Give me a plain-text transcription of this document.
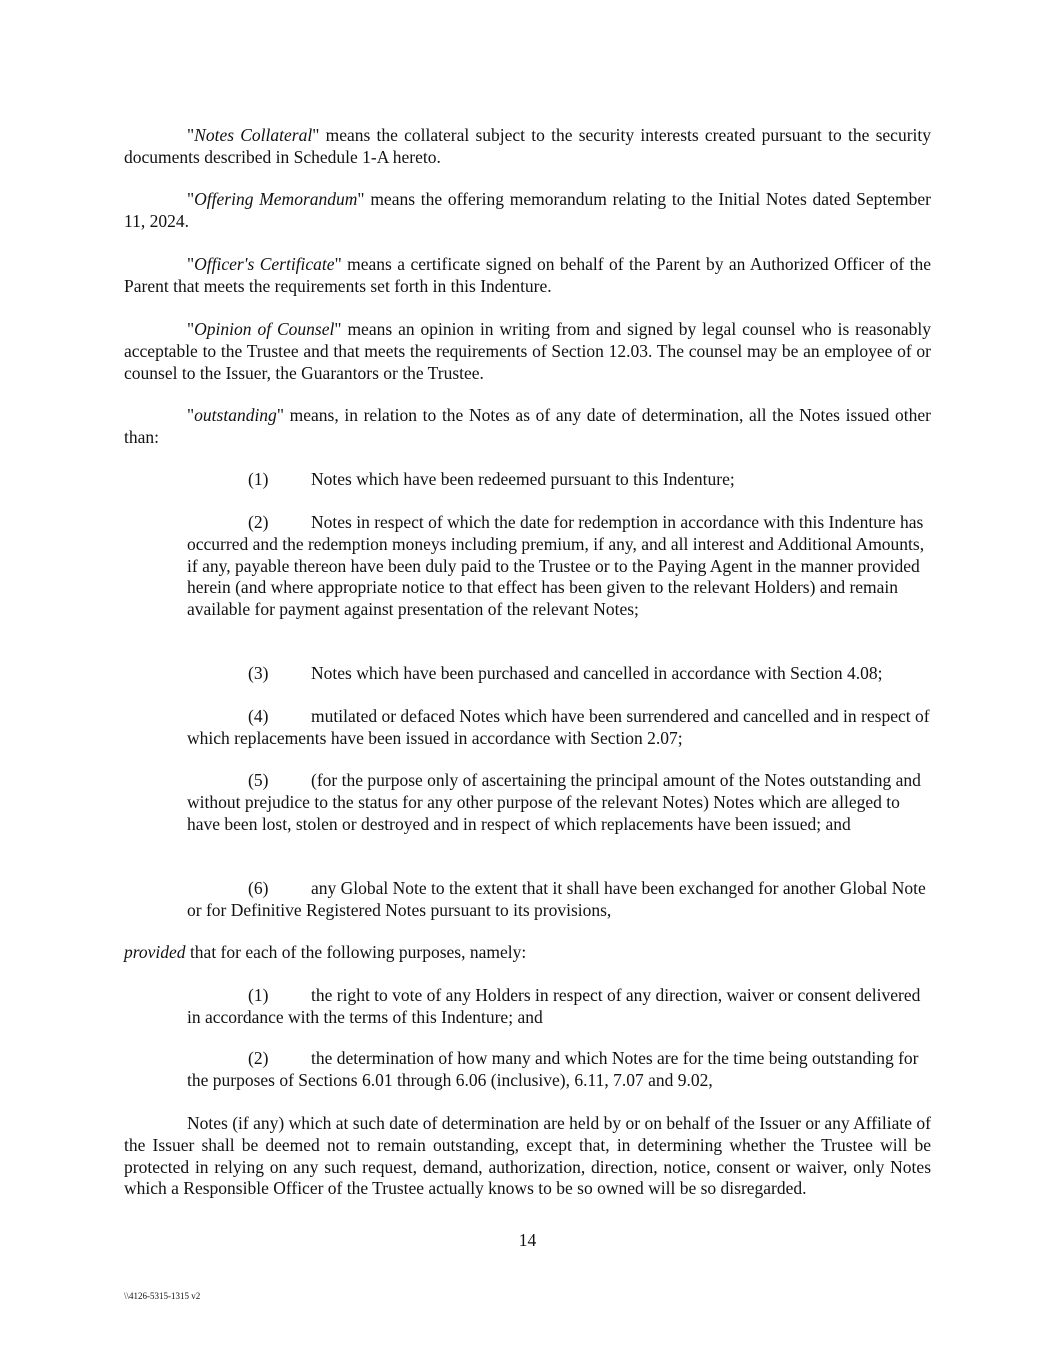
"Notes Collateral" means the collateral subject to the security interests created pursuant to the security documents described in Schedule 1-A hereto.

"Offering Memorandum" means the offering memorandum relating to the Initial Notes dated September 11, 2024.

"Officer's Certificate" means a certificate signed on behalf of the Parent by an Authorized Officer of the Parent that meets the requirements set forth in this Indenture.

"Opinion of Counsel" means an opinion in writing from and signed by legal counsel who is reasonably acceptable to the Trustee and that meets the requirements of Section 12.03. The counsel may be an employee of or counsel to the Issuer, the Guarantors or the Trustee.

"outstanding" means, in relation to the Notes as of any date of determination, all the Notes issued other than:

(1) Notes which have been redeemed pursuant to this Indenture;

(2) Notes in respect of which the date for redemption in accordance with this Indenture has occurred and the redemption moneys including premium, if any, and all interest and Additional Amounts, if any, payable thereon have been duly paid to the Trustee or to the Paying Agent in the manner provided herein (and where appropriate notice to that effect has been given to the relevant Holders) and remain available for payment against presentation of the relevant Notes;

(3) Notes which have been purchased and cancelled in accordance with Section 4.08;

(4) mutilated or defaced Notes which have been surrendered and cancelled and in respect of which replacements have been issued in accordance with Section 2.07;

(5) (for the purpose only of ascertaining the principal amount of the Notes outstanding and without prejudice to the status for any other purpose of the relevant Notes) Notes which are alleged to have been lost, stolen or destroyed and in respect of which replacements have been issued; and

(6) any Global Note to the extent that it shall have been exchanged for another Global Note or for Definitive Registered Notes pursuant to its provisions,

provided that for each of the following purposes, namely:

(1) the right to vote of any Holders in respect of any direction, waiver or consent delivered in accordance with the terms of this Indenture; and

(2) the determination of how many and which Notes are for the time being outstanding for the purposes of Sections 6.01 through 6.06 (inclusive), 6.11, 7.07 and 9.02,

Notes (if any) which at such date of determination are held by or on behalf of the Issuer or any Affiliate of the Issuer shall be deemed not to remain outstanding, except that, in determining whether the Trustee will be protected in relying on any such request, demand, authorization, direction, notice, consent or waiver, only Notes which a Responsible Officer of the Trustee actually knows to be so owned will be so disregarded.

14
\\4126-5315-1315 v2
